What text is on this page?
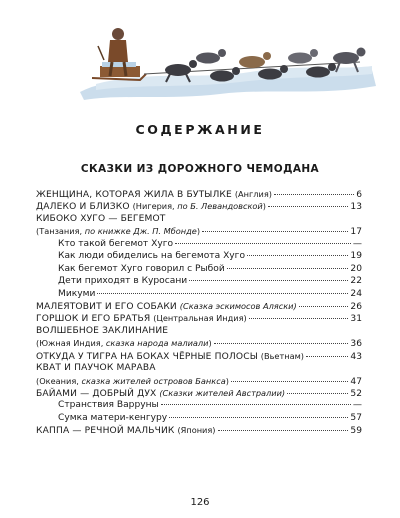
СОДЕРЖАНИЕ
СКАЗКИ ИЗ ДОРОЖНОГО ЧЕМОДАНА
ЖЕНЩИНА, КОТОРАЯ ЖИЛА В БУТЫЛКЕ (Англия)	6
ДАЛЕКО И БЛИЗКО (Нигерия, по Б. Левандовской)	13
КИБОКО ХУГО — БЕГЕМОТ
(Танзания, по книжке Дж. П. Мбонде)	17
Кто такой бегемот Хуго	—
Как люди обиделись на бегемота Хуго	19
Как бегемот Хуго говорил с Рыбой	20
Дети приходят в Куросани	22
Микуми	24
МАЛЕЯТОВИТ И ЕГО СОБАКИ (Сказка эскимосов Аляски)	26
ГОРШОК И ЕГО БРАТЬЯ (Центральная Индия)	31
ВОЛШЕБНОЕ ЗАКЛИНАНИЕ
(Южная Индия, сказка народа малиали)	36
ОТКУДА У ТИГРА НА БОКАХ ЧЁРНЫЕ ПОЛОСЫ (Вьетнам)	43
КВАТ И ПАУЧОК МАРАВА
(Океания, сказка жителей островов Банкса)	47
БАЙАМИ — ДОБРЫЙ ДУХ (Сказки жителей Австралии)	52
Странствия Варруны	—
Сумка матери-кенгуру	57
КАППА — РЕЧНОЙ МАЛЬЧИК (Япония)	59
126
